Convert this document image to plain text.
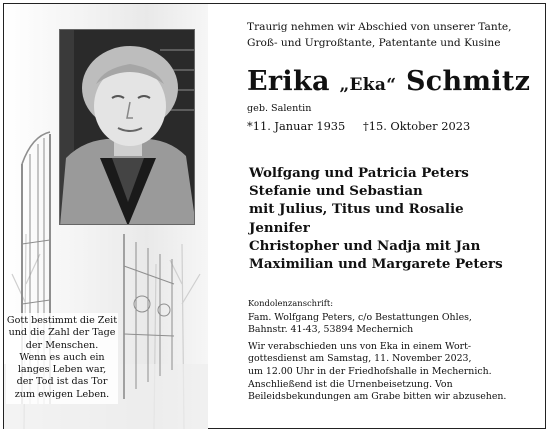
Gott bestimmt die Zeit
und die Zahl der Tage
der Menschen.
Wenn es auch ein
langes Leben war,
der Tod ist das Tor
zum ewigen Leben.
Traurig nehmen wir Abschied von unserer Tante,
Groß- und Urgroßtante, Patentante und Kusine
Erika „Eka“ Schmitz
geb. Salentin
*11. Januar 1935 †15. Oktober 2023
Wolfgang und Patricia Peters
Stefanie und Sebastian
mit Julius, Titus und Rosalie
Jennifer
Christopher und Nadja mit Jan
Maximilian und Margarete Peters
Kondolenzanschrift:
Fam. Wolfgang Peters, c/o Bestattungen Ohles,
Bahnstr. 41-43, 53894 Mechernich
Wir verabschieden uns von Eka in einem Wort-
gottesdienst am Samstag, 11. November 2023,
um 12.00 Uhr in der Friedhofshalle in Mechernich.
Anschließend ist die Urnenbeisetzung. Von
Beileidsbekundungen am Grabe bitten wir abzusehen.
